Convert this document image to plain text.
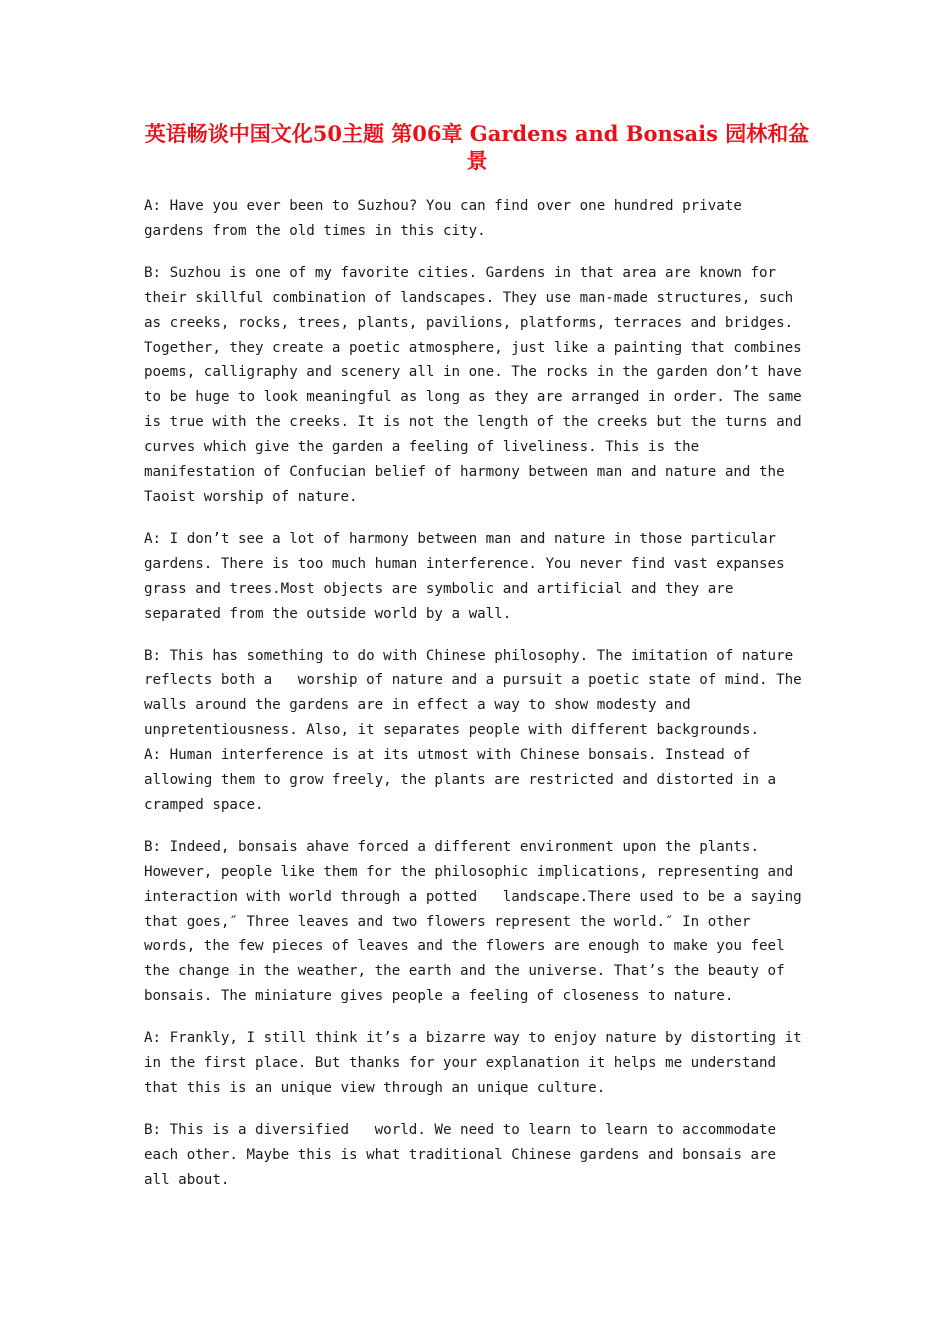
英语畅谈中国文化50主题 第06章 Gardens and Bonsais 园林和盆景

A: Have you ever been to Suzhou? You can find over one hundred private gardens from the old times in this city.

B: Suzhou is one of my favorite cities. Gardens in that area are known for their skillful combination of landscapes. They use man-made structures, such as creeks, rocks, trees, plants, pavilions, platforms, terraces and bridges. Together, they create a poetic atmosphere, just like a painting that combines poems, calligraphy and scenery all in one. The rocks in the garden don’t have to be huge to look meaningful as long as they are arranged in order. The same is true with the creeks. It is not the length of the creeks but the turns and curves which give the garden a feeling of liveliness. This is the manifestation of Confucian belief of harmony between man and nature and the Taoist worship of nature.

A: I don’t see a lot of harmony between man and nature in those particular gardens. There is too much human interference. You never find vast expanses grass and trees.Most objects are symbolic and artificial and they are separated from the outside world by a wall.

B: This has something to do with Chinese philosophy. The imitation of nature reflects both a   worship of nature and a pursuit a poetic state of mind. The walls around the gardens are in effect a way to show modesty and unpretentiousness. Also, it separates people with different backgrounds.

A: Human interference is at its utmost with Chinese bonsais. Instead of allowing them to grow freely, the plants are restricted and distorted in a cramped space.

B: Indeed, bonsais ahave forced a different environment upon the plants. However, people like them for the philosophic implications, representing and interaction with world through a potted   landscape.There used to be a saying that goes,″ Three leaves and two flowers represent the world.″ In other words, the few pieces of leaves and the flowers are enough to make you feel the change in the weather, the earth and the universe. That’s the beauty of bonsais. The miniature gives people a feeling of closeness to nature.

A: Frankly, I still think it’s a bizarre way to enjoy nature by distorting it in the first place. But thanks for your explanation it helps me understand that this is an unique view through an unique culture.

B: This is a diversified   world. We need to learn to learn to accommodate each other. Maybe this is what traditional Chinese gardens and bonsais are all about.
